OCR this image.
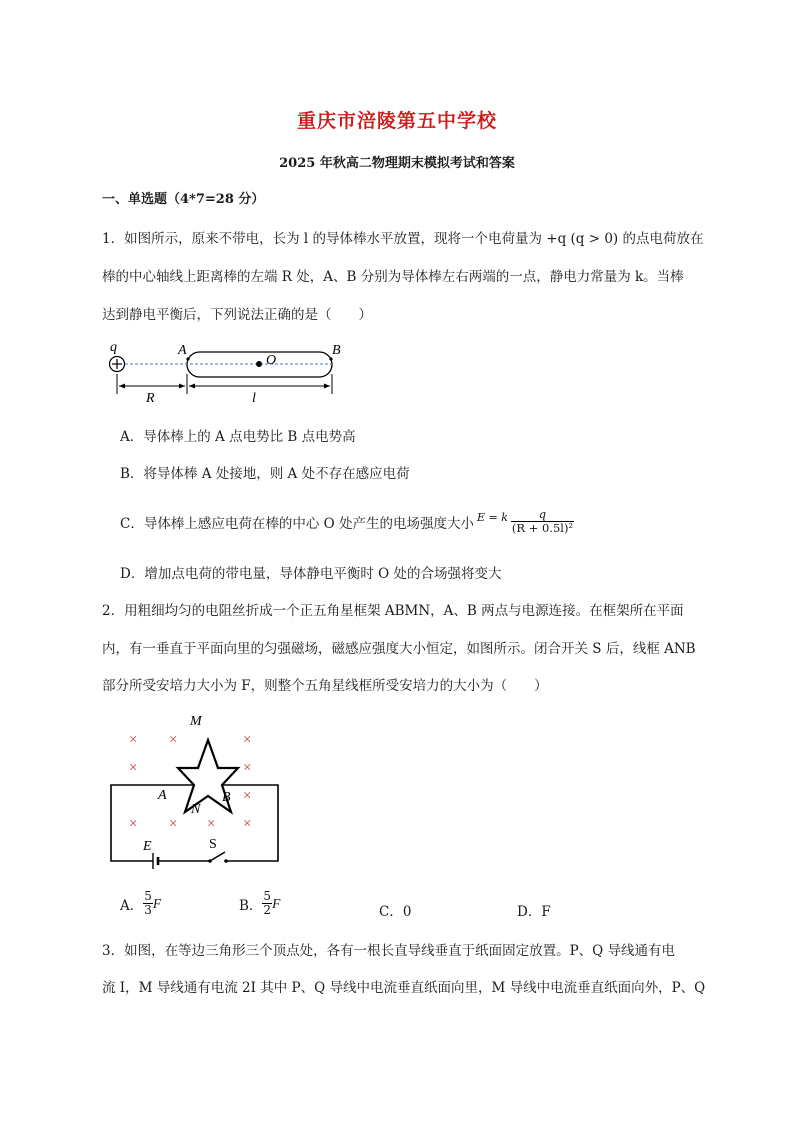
重庆市涪陵第五中学校
2025 年秋高二物理期末模拟考试和答案
一、单选题（4*7=28 分）
1．如图所示，原来不带电，长为 l 的导体棒水平放置，现将一个电荷量为 +q (q > 0) 的点电荷放在
棒的中心轴线上距离棒的左端 R 处，A、B 分别为导体棒左右两端的一点，静电力常量为 k。当棒
达到静电平衡后，下列说法正确的是（　　）
q	A	B
O
R	l
A．导体棒上的 A 点电势比 B 点电势高
B．将导体棒 A 处接地，则 A 处不存在感应电荷
C．导体棒上感应电荷在棒的中心 O 处产生的电场强度大小 E = k $\frac{q}{\text{(R + 0.5l)²}}$
D．增加点电荷的带电量，导体静电平衡时 O 处的合场强将变大
2．用粗细均匀的电阻丝折成一个正五角星框架 ABMN，A、B 两点与电源连接。在框架所在平面
内，有一垂直于平面向里的匀强磁场，磁感应强度大小恒定，如图所示。闭合开关 S 后，线框 ANB
部分所受安培力大小为 F，则整个五角星线框所受安培力的大小为（　　）
× ×	×
×	×
× × × ×
×
M
A
N
B
E	S
A． $\frac{5}{3}$ F	B． $\frac{5}{2}$ F
C．0	D．F
3．如图，在等边三角形三个顶点处，各有一根长直导线垂直于纸面固定放置。P、Q 导线通有电
流 I，M 导线通有电流 2I 其中 P、Q 导线中电流垂直纸面向里，M 导线中电流垂直纸面向外，P、Q
